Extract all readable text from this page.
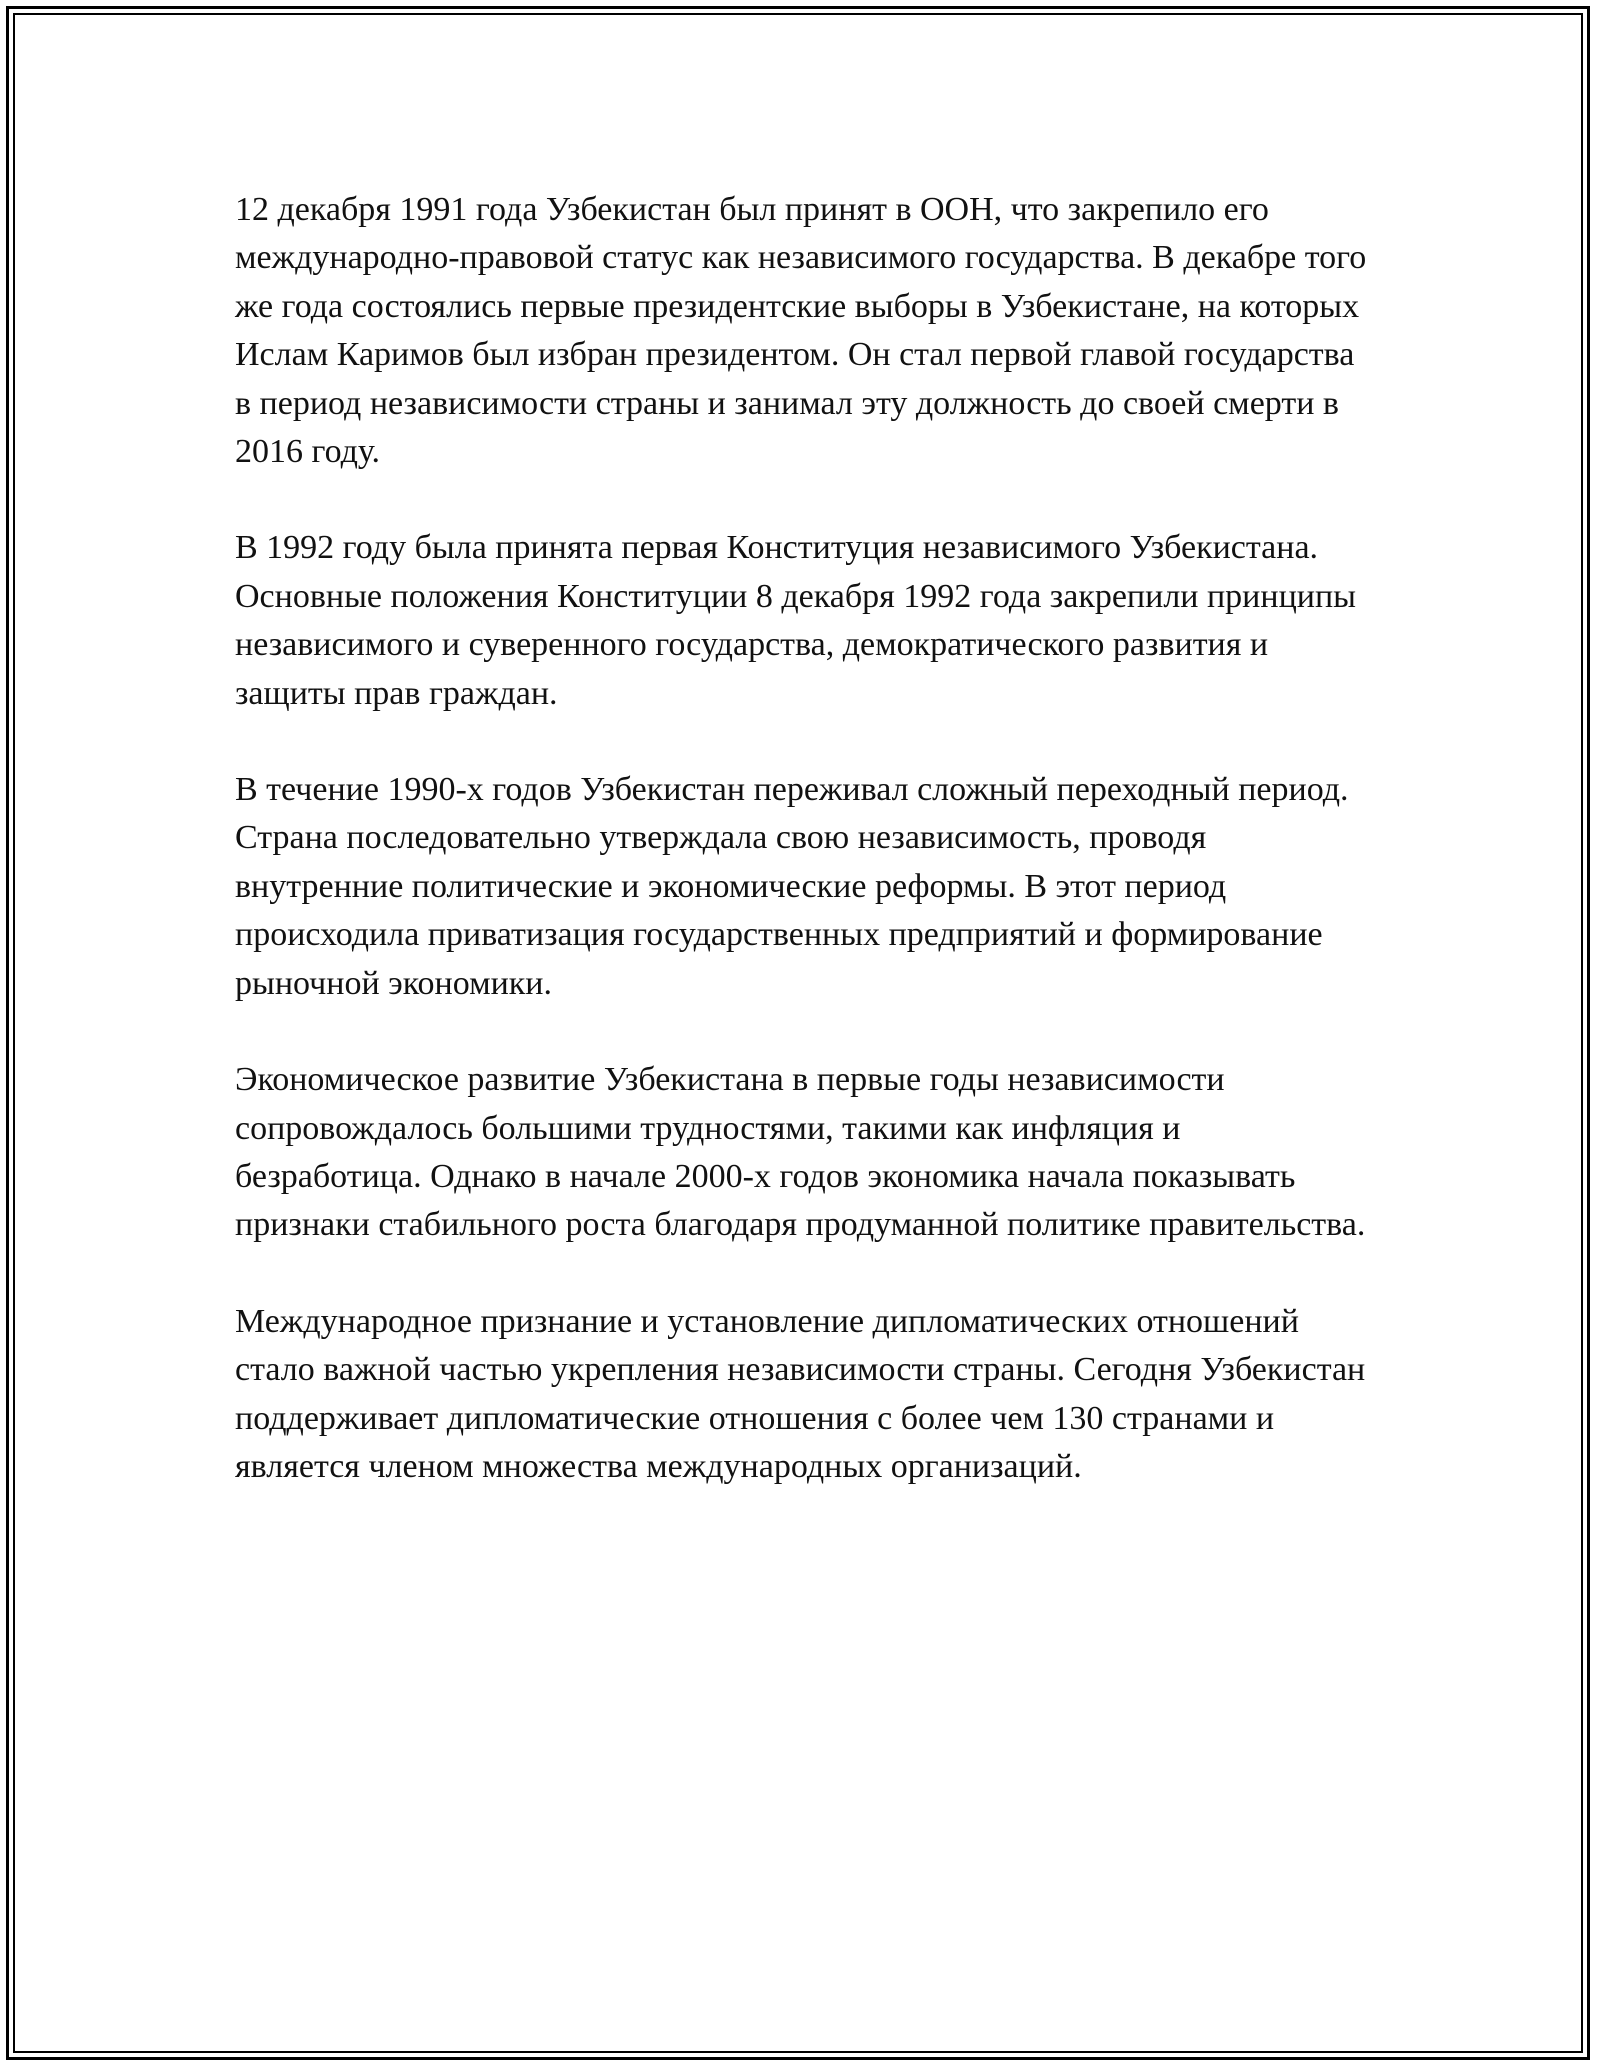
12 декабря 1991 года Узбекистан был принят в ООН, что закрепило его международно-правовой статус как независимого государства. В декабре того же года состоялись первые президентские выборы в Узбекистане, на которых Ислам Каримов был избран президентом. Он стал первой главой государства в период независимости страны и занимал эту должность до своей смерти в 2016 году.

В 1992 году была принята первая Конституция независимого Узбекистана. Основные положения Конституции 8 декабря 1992 года закрепили принципы независимого и суверенного государства, демократического развития и защиты прав граждан.

В течение 1990-х годов Узбекистан переживал сложный переходный период. Страна последовательно утверждала свою независимость, проводя внутренние политические и экономические реформы. В этот период происходила приватизация государственных предприятий и формирование рыночной экономики.

Экономическое развитие Узбекистана в первые годы независимости сопровождалось большими трудностями, такими как инфляция и безработица. Однако в начале 2000-х годов экономика начала показывать признаки стабильного роста благодаря продуманной политике правительства.

Международное признание и установление дипломатических отношений стало важной частью укрепления независимости страны. Сегодня Узбекистан поддерживает дипломатические отношения с более чем 130 странами и является членом множества международных организаций.
